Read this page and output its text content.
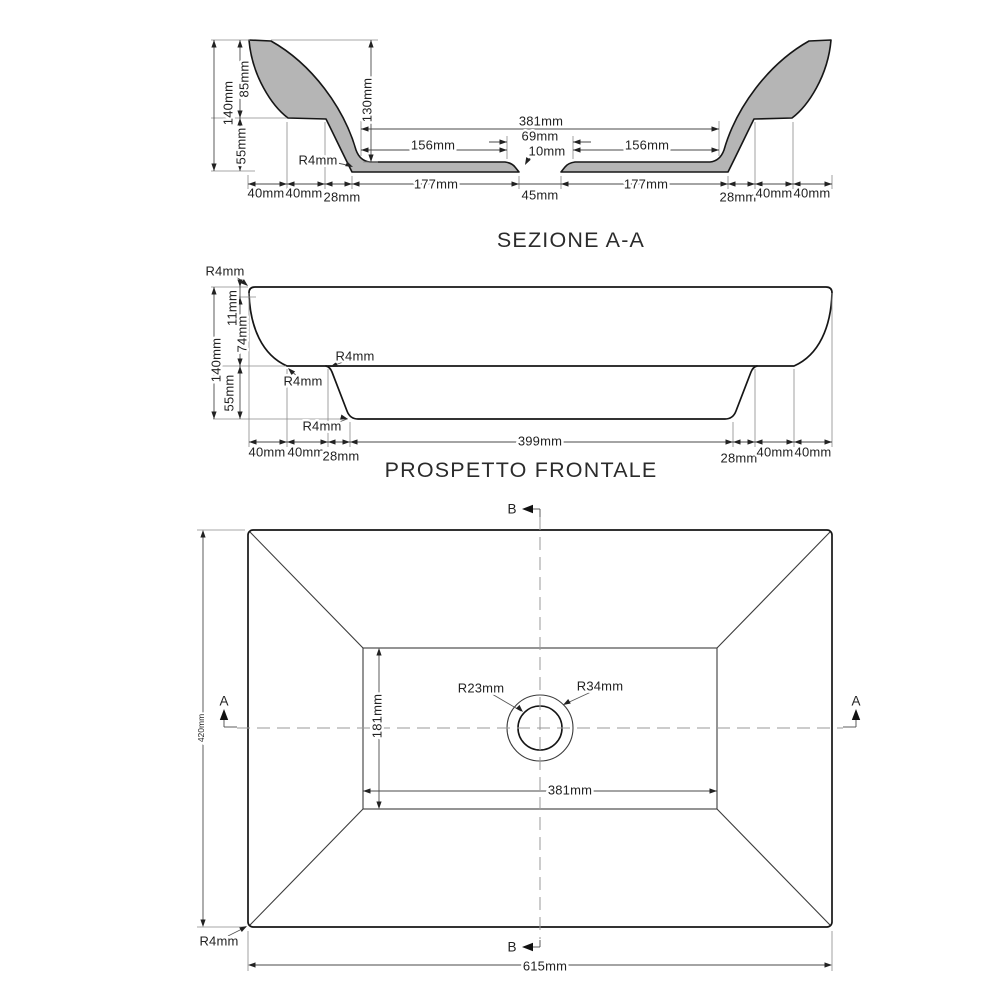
140mm
85mm
55mm
130mm
R4mm
381mm
69mm
10mm
156mm	156mm
177mm	177mm
45mm
40mm 40mm 28mm	28mm 40mm 40mm
SEZIONE A-A
R4mm
11mm
74mm
140mm
55mm
R4mm
R4mm
R4mm
399mm
40mm 40mm
28mm	28mm 40mm 40mm
PROSPETTO FRONTALE
B
B
A	A
420mm
615mm
R4mm
R23mm	R34mm
181mm
381mm
